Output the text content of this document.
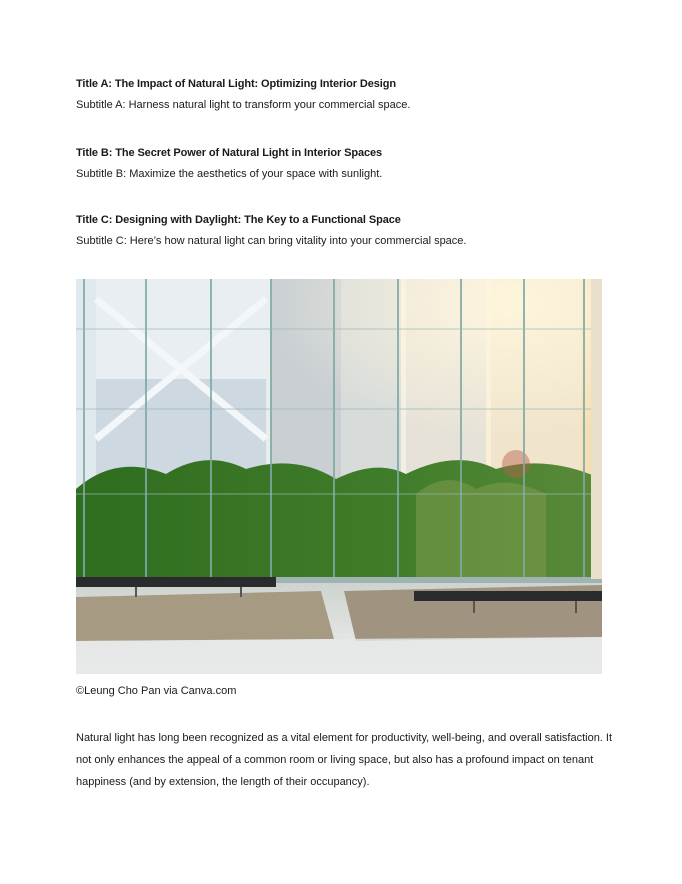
Title A: The Impact of Natural Light: Optimizing Interior Design
Subtitle A: Harness natural light to transform your commercial space.
Title B: The Secret Power of Natural Light in Interior Spaces
Subtitle B: Maximize the aesthetics of your space with sunlight.
Title C: Designing with Daylight: The Key to a Functional Space
Subtitle C: Here’s how natural light can bring vitality into your commercial space.
©Leung Cho Pan via Canva.com
Natural light has long been recognized as a vital element for productivity, well-being, and overall satisfaction. It not only enhances the appeal of a common room or living space, but also has a profound impact on tenant happiness (and by extension, the length of their occupancy).
